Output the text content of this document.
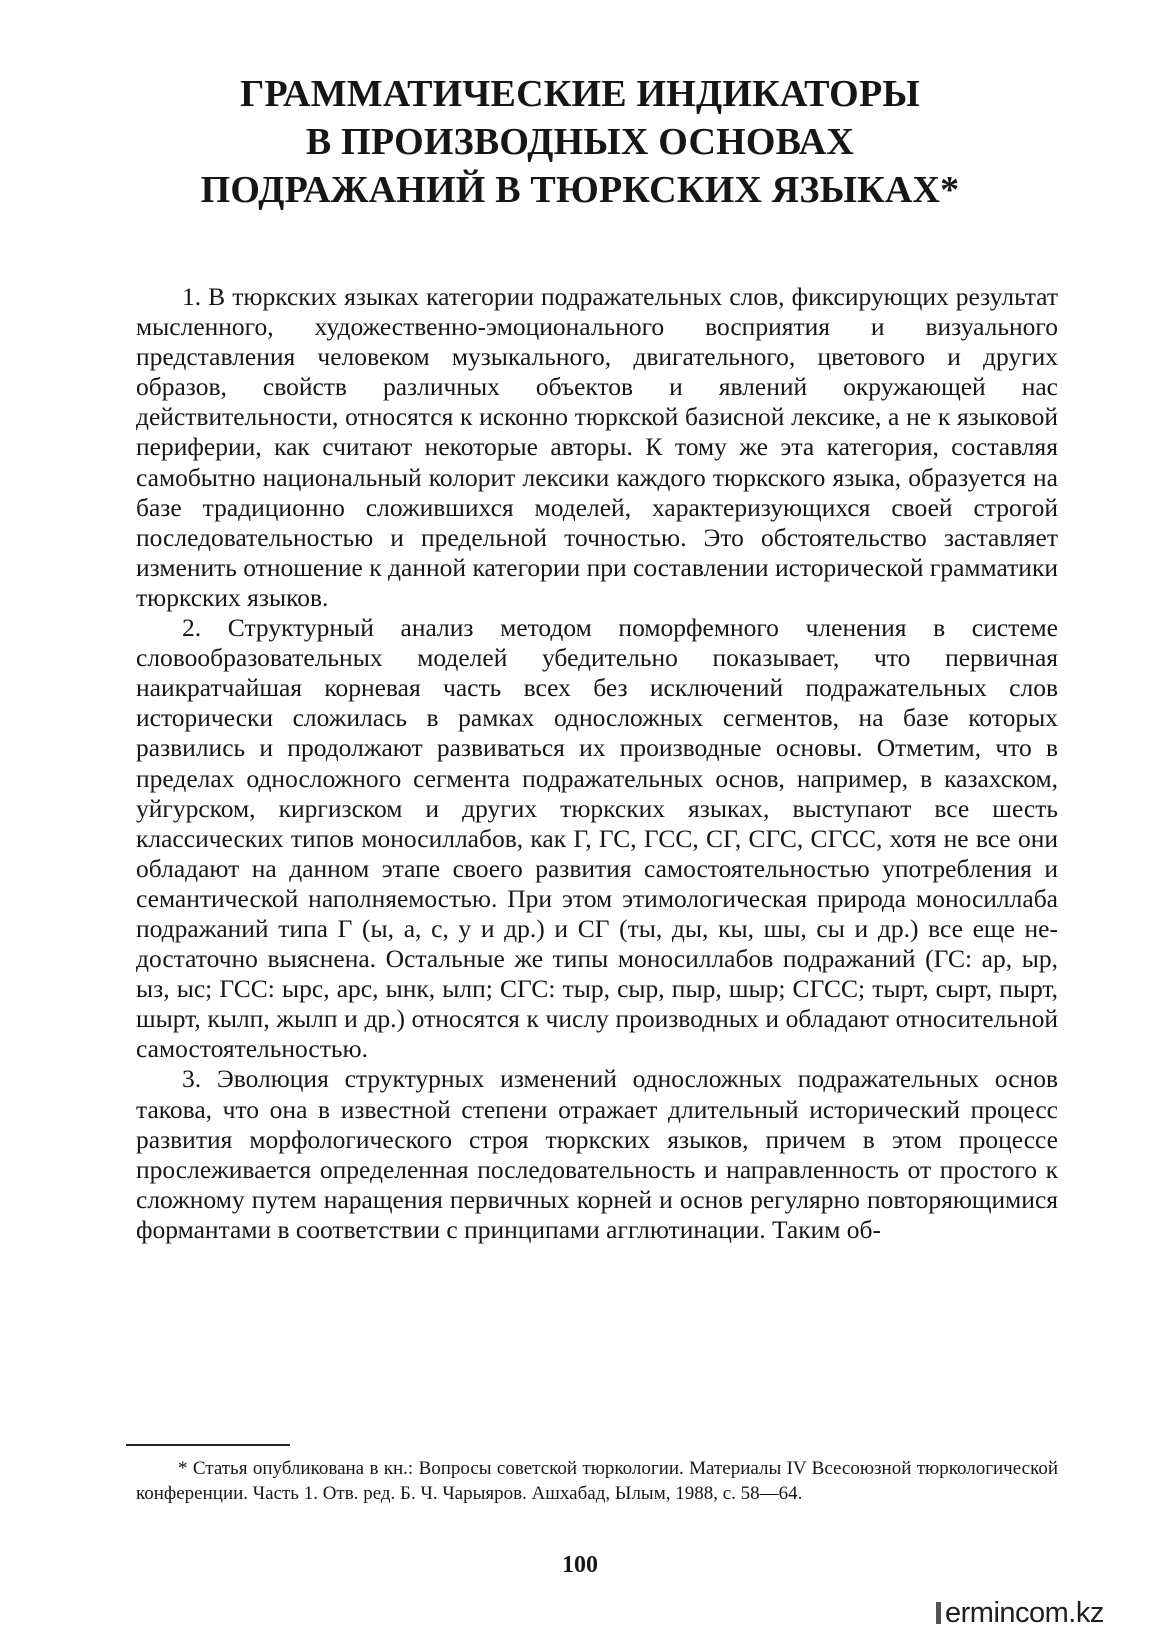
ГРАММАТИЧЕСКИЕ ИНДИКАТОРЫ
В ПРОИЗВОДНЫХ ОСНОВАХ
ПОДРАЖАНИЙ В ТЮРКСКИХ ЯЗЫКАХ*

1. В тюркских языках категории подражательных слов, фиксирующих результат мысленного, художественно-эмоционального восприятия и визуального представления человеком музыкального, двигательного, цветового и других образов, свойств различных объектов и явлений окружающей нас действительности, относятся к исконно тюркской базисной лексике, а не к языковой периферии, как считают некоторые авторы. К тому же эта категория, составляя самобытно национальный колорит лексики каждого тюркского языка, образуется на базе традиционно сложившихся моделей, характеризующихся своей строгой последовательностью и предельной точностью. Это обстоятельство заставляет изменить отношение к данной категории при составлении исторической грамматики тюркских языков.

2. Структурный анализ методом поморфемного членения в системе словообразовательных моделей убедительно показывает, что первичная наикратчайшая корневая часть всех без исключений подражательных слов исторически сложилась в рамках односложных сегментов, на базе которых развились и продолжают развиваться их производные основы. Отметим, что в пределах односложного сегмента подражательных основ, например, в казахском, уйгурском, киргизском и других тюркских языках, выступают все шесть классических типов моносиллабов, как Г, ГС, ГСС, СГ, СГС, СГСС, хотя не все они обладают на данном этапе своего развития самостоятельностью употребления и семантической наполняемостью. При этом этимологическая природа моносиллаба подражаний типа Г (ы, а, с, у и др.) и СГ (ты, ды, кы, шы, сы и др.) все еще недостаточно выяснена. Остальные же типы моносиллабов подражаний (ГС: ар, ыр, ыз, ыс; ГСС: ырс, арс, ынк, ылп; СГС: тыр, сыр, пыр, шыр; СГСС; тырт, сырт, пырт, шырт, кылп, жылп и др.) относятся к числу производных и обладают относительной самостоятельностью.

3. Эволюция структурных изменений односложных подражательных основ такова, что она в известной степени отражает длительный исторический процесс развития морфологического строя тюркских языков, причем в этом процессе прослеживается определенная последовательность и направленность от простого к сложному путем наращения первичных корней и основ регулярно повторяющимися формантами в соответствии с принципами агглютинации. Таким об-

* Статья опубликована в кн.: Вопросы советской тюркологии. Материалы IV Всесоюзной тюркологической конференции. Часть 1. Отв. ред. Б. Ч. Чарыяров. Ашхабад, Ылым, 1988, с. 58—64.

100
ermincom.kz
